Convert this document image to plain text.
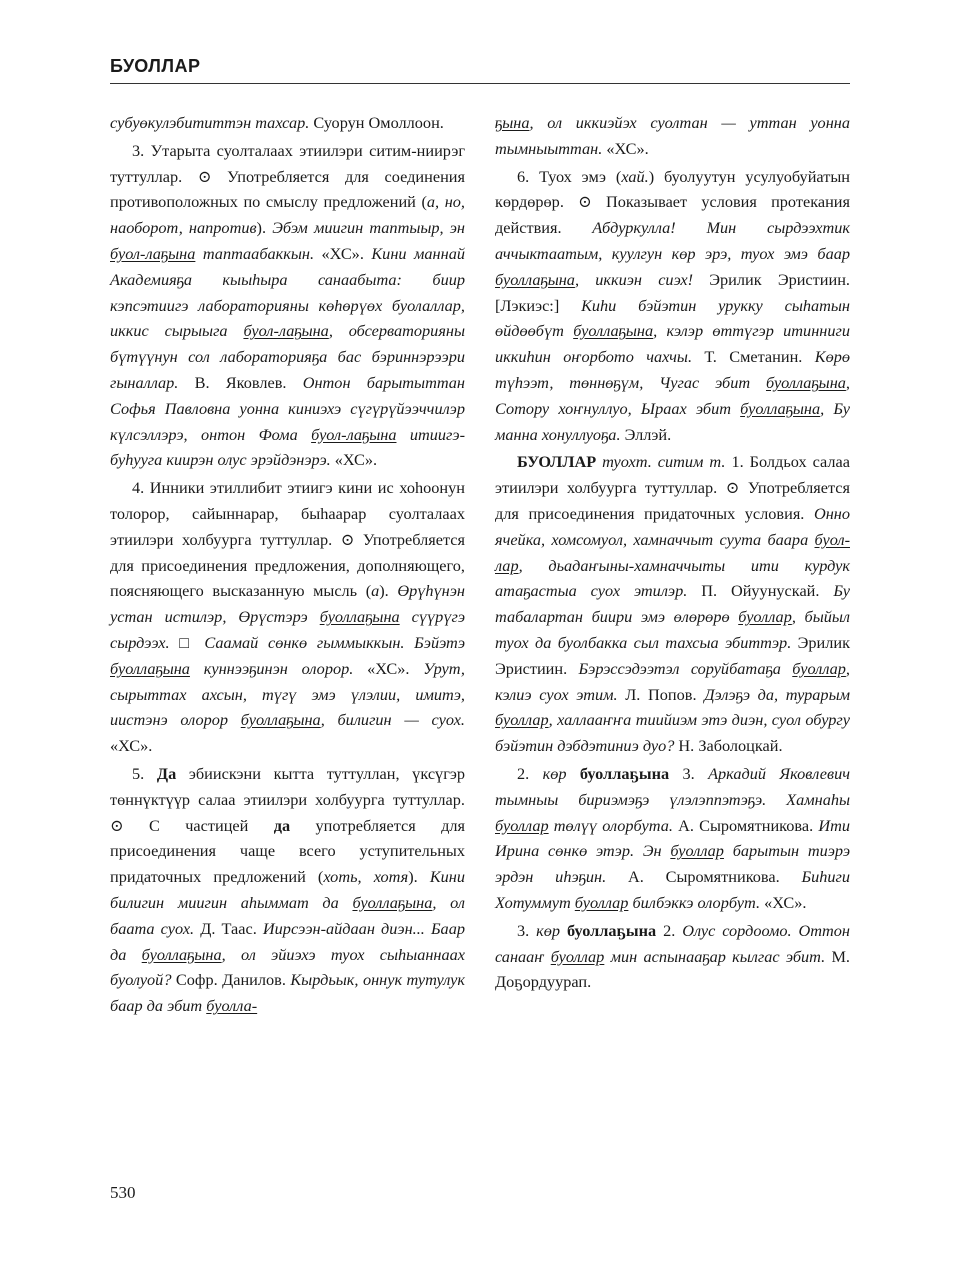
БУОЛЛАР

субуөкулэбититтэн тахсар. Суорун Омоллоон.

3. Утарыта суолталаах этиилэри ситим-ниирэг туттуллар. ⊙ Употребляется для соединения противоположных по смыслу предложений (а, но, наоборот, напротив). Эбэм миигин таптыыр, эн буол-лаҕына таптаабаккын. «ХС». Кини маннай Академияҕа кыыһыра санаабыта: биир кэпсэтиигэ лабораторияны көһөрүөх буолаллар, иккис сырыыга буол-лаҕына, обсерваторияны бүтүүнун сол лабораторияҕа бас бэриннэрээри гыналлар. В. Яковлев. Онтон барытыттан Софья Павловна уонна киниэхэ сүгүрүйээччилэр күлсэллэрэ, онтон Фома буол-лаҕына итиигэ-буһууга киирэн олус эрэйдэнэрэ. «ХС».

4. Инники этиллибит этиигэ кини ис хоһоонун толорор, сайыннарар, быһаарар суолталаах этиилэри холбуурга туттуллар. ⊙ Употребляется для присоединения предложения, дополняющего, поясняющего высказанную мысль (а). Өрүһүнэн устан истилэр, Өрүстэрэ буоллаҕына сүүрүгэ сырдээх. □ Саамай сөнкө гыммыккын. Бэйэтэ буоллаҕына куннээҕинэн олорор. «ХС». Урут, сырыттах ахсын, түгү эмэ үлэлии, имитэ, иистэнэ олорор буоллаҕына, билигин — суох. «ХС».

5. Да эбиискэни кытта туттуллан, үксүгэр төннүктүүр салаа этиилэри холбуурга туттуллар. ⊙ С частицей да употребляется для присоединения чаще всего уступительных придаточных предложений (хоть, хотя). Кини билигин миигин аһыммат да буоллаҕына, ол баата суох. Д. Таас. Иирсээн-айдаан диэн... Баар да буоллаҕына, ол эйиэхэ туох сыһыаннаах буолуой? Софр. Данилов. Кырдьык, оннук тутулук баар да эбит буолла-

ҕына, ол иккиэйэх суолтан — уттан уонна тымныыттан. «ХС».

6. Туох эмэ (хай.) буолуутун усулуобуйатын көрдөрөр. ⊙ Показывает условия протекания действия. Абдуркулла! Мин сырдээхтик аччыктаатым, куулгун көр эрэ, туох эмэ баар буоллаҕына, иккиэн сиэх! Эрилик Эристиин. [Лэкиэс:] Киһи бэйэтин урукку сыһатын өйдөөбүт буоллаҕына, кэлэр өттүгэр итинниги иккиһин оҥорбото чахчы. Т. Сметанин. Көрө түһээт, төннөҕүм, Чугас эбит буоллаҕына, Сотору хоҥнуллуо, Ыраах эбит буоллаҕына, Бу манна хонуллуоҕа. Эллэй.

БУОЛЛАР туохт. ситим т. 1. Болдьох салаа этиилэри холбуурга туттуллар. ⊙ Употребляется для присоединения придаточных условия. Онно ячейка, хомсомуол, хамначчыт суута баара буол-лар, дьадаҥыны-хамначчыты ити курдук атаҕастыа суох этилэр. П. Ойуунускай. Бу табалартан биири эмэ өлөрөрө буоллар, быйыл туох да буолбакка сыл тахсыа эбиттэр. Эрилик Эристиин. Бэрэссэдээтэл соруйбатаҕа буоллар, кэлиэ суох этим. Л. Попов. Дэлэҕэ да, турарым буоллар, халлааҥҥа тиийиэм этэ диэн, суол обургу бэйэтин дэбдэтиниэ дуо? Н. Заболоцкай.

2. көр буоллаҕына 3. Аркадий Яковлевич тымныы бириэмэҕэ үлэлэппэтэҕэ. Хамнаһы буоллар төлүү олорбута. А. Сыромятникова. Ити Ирина сөнкө этэр. Эн буоллар барытын тиэрэ эрдэн иһэҕин. А. Сыромятникова. Биһиги Хотуммут буоллар билбэккэ олорбут. «ХС».

3. көр буоллаҕына 2. Олус сордоомо. Оттон санааҥ буоллар мин аспынааҕар кылгас эбит. М. Доҕордуурап.

530
